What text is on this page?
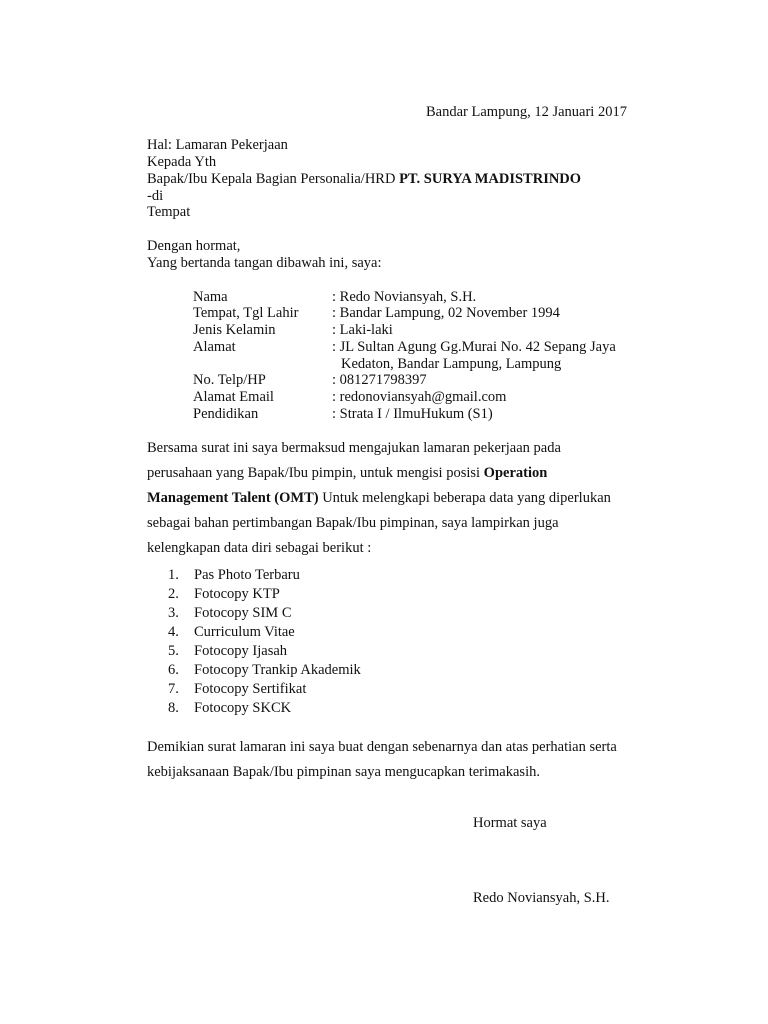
Bandar Lampung, 12 Januari 2017
Hal: Lamaran Pekerjaan
Kepada Yth
Bapak/Ibu Kepala Bagian Personalia/HRD PT. SURYA MADISTRINDO
-di
Tempat
Dengan hormat,
Yang bertanda tangan dibawah ini, saya:
Nama	: Redo Noviansyah, S.H.
Tempat, Tgl Lahir : Bandar Lampung, 02 November 1994
Jenis Kelamin	: Laki-laki
Alamat	: JL Sultan Agung Gg.Murai No. 42 Sepang Jaya
Kedaton, Bandar Lampung, Lampung
No. Telp/HP	: 081271798397
Alamat Email	: redonoviansyah@gmail.com
Pendidikan	: Strata I / IlmuHukum (S1)
Bersama surat ini saya bermaksud mengajukan lamaran pekerjaan pada
perusahaan yang Bapak/Ibu pimpin, untuk mengisi posisi Operation
Management Talent (OMT) Untuk melengkapi beberapa data yang diperlukan
sebagai bahan pertimbangan Bapak/Ibu pimpinan, saya lampirkan juga
kelengkapan data diri sebagai berikut :
1. Pas Photo Terbaru
2. Fotocopy KTP
3. Fotocopy SIM C
4. Curriculum Vitae
5. Fotocopy Ijasah
6. Fotocopy Trankip Akademik
7. Fotocopy Sertifikat
8. Fotocopy SKCK
Demikian surat lamaran ini saya buat dengan sebenarnya dan atas perhatian serta
kebijaksanaan Bapak/Ibu pimpinan saya mengucapkan terimakasih.
Hormat saya
Redo Noviansyah, S.H.
